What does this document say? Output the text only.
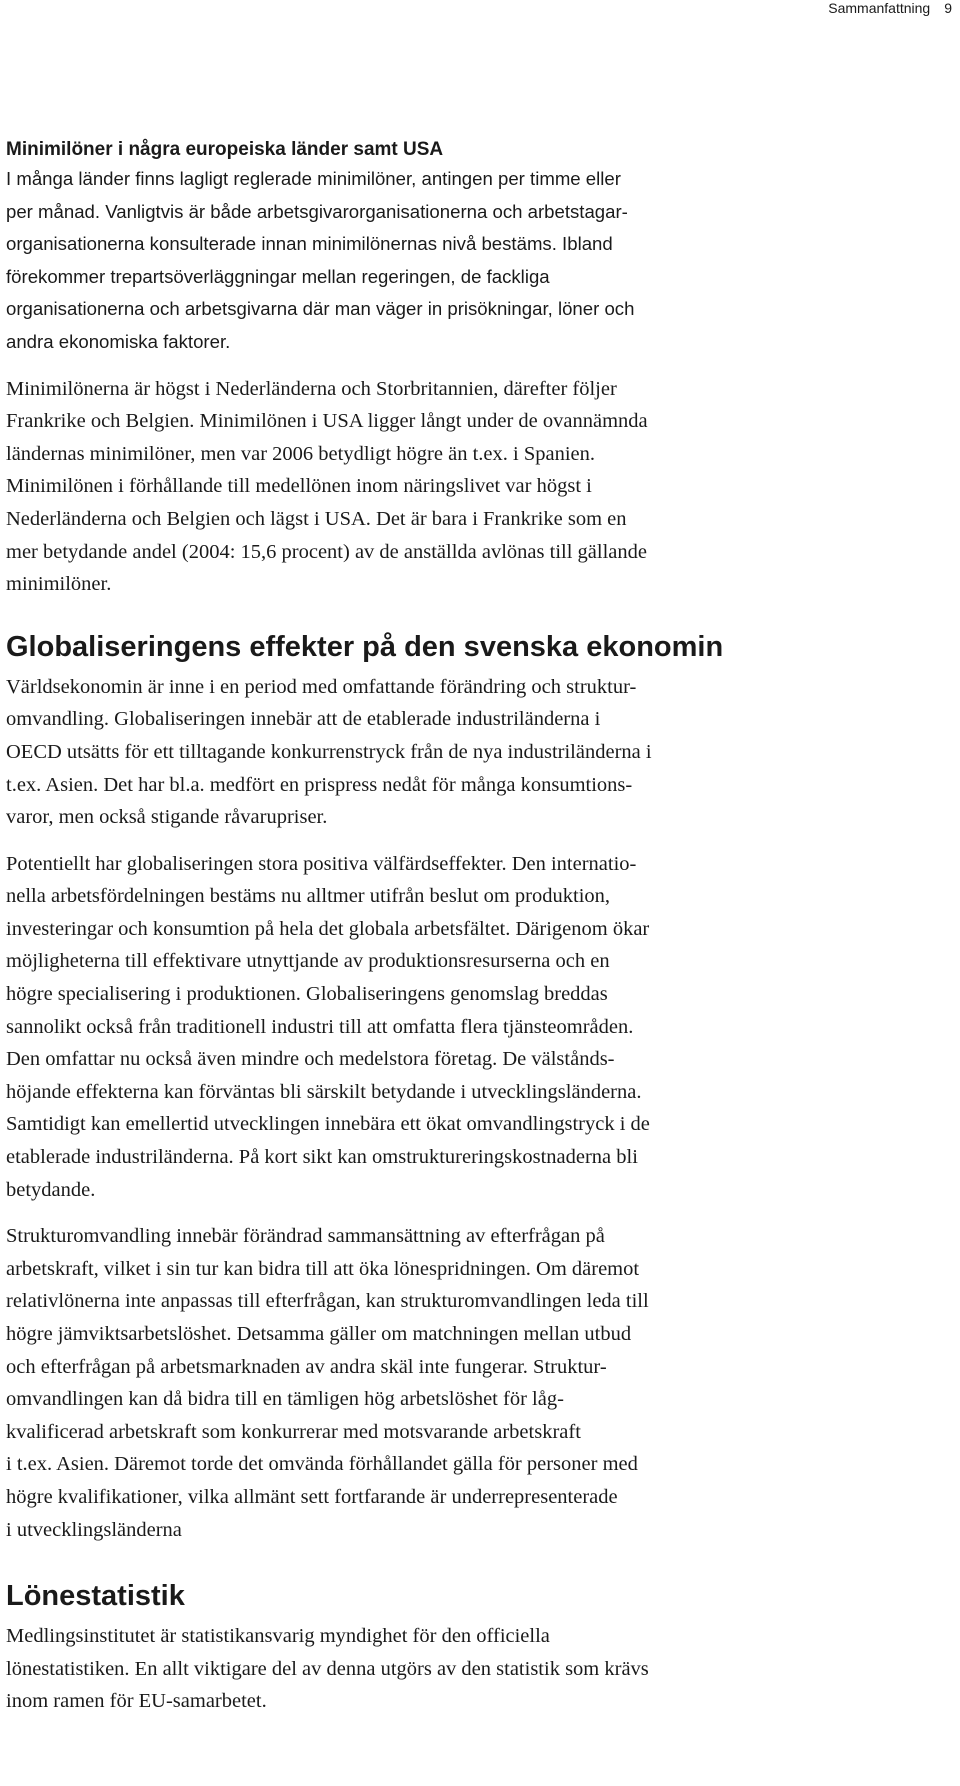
Sammanfattning 9
Minimilöner i några europeiska länder samt USA

I många länder finns lagligt reglerade minimilöner, antingen per timme eller
per månad. Vanligtvis är både arbetsgivarorganisationerna och arbetstagar-
organisationerna konsulterade innan minimilönernas nivå bestäms. Ibland
förekommer trepartsöverläggningar mellan regeringen, de fackliga
organisationerna och arbetsgivarna där man väger in prisökningar, löner och
andra ekonomiska faktorer.

Minimilönerna är högst i Nederländerna och Storbritannien, därefter följer
Frankrike och Belgien. Minimilönen i USA ligger långt under de ovannämnda
ländernas minimilöner, men var 2006 betydligt högre än t.ex. i Spanien.
Minimilönen i förhållande till medellönen inom näringslivet var högst i
Nederländerna och Belgien och lägst i USA. Det är bara i Frankrike som en
mer betydande andel (2004: 15,6 procent) av de anställda avlönas till gällande
minimilöner.

Globaliseringens effekter på den svenska ekonomin

Världsekonomin är inne i en period med omfattande förändring och struktur-
omvandling. Globaliseringen innebär att de etablerade industriländerna i
OECD utsätts för ett tilltagande konkurrenstryck från de nya industriländerna i
t.ex. Asien. Det har bl.a. medfört en prispress nedåt för många konsumtions-
varor, men också stigande råvarupriser.

Potentiellt har globaliseringen stora positiva välfärdseffekter. Den internatio-
nella arbetsfördelningen bestäms nu alltmer utifrån beslut om produktion,
investeringar och konsumtion på hela det globala arbetsfältet. Därigenom ökar
möjligheterna till effektivare utnyttjande av produktionsresurserna och en
högre specialisering i produktionen. Globaliseringens genomslag breddas
sannolikt också från traditionell industri till att omfatta flera tjänsteområden.
Den omfattar nu också även mindre och medelstora företag. De välstånds-
höjande effekterna kan förväntas bli särskilt betydande i utvecklingsländerna.
Samtidigt kan emellertid utvecklingen innebära ett ökat omvandlingstryck i de
etablerade industriländerna. På kort sikt kan omstruktureringskostnaderna bli
betydande.

Strukturomvandling innebär förändrad sammansättning av efterfrågan på
arbetskraft, vilket i sin tur kan bidra till att öka lönespridningen. Om däremot
relativlönerna inte anpassas till efterfrågan, kan strukturomvandlingen leda till
högre jämviktsarbetslöshet. Detsamma gäller om matchningen mellan utbud
och efterfrågan på arbetsmarknaden av andra skäl inte fungerar. Struktur-
omvandlingen kan då bidra till en tämligen hög arbetslöshet för låg-
kvalificerad arbetskraft som konkurrerar med motsvarande arbetskraft
i t.ex. Asien. Däremot torde det omvända förhållandet gälla för personer med
högre kvalifikationer, vilka allmänt sett fortfarande är underrepresenterade
i utvecklingsländerna

Lönestatistik

Medlingsinstitutet är statistikansvarig myndighet för den officiella
lönestatistiken. En allt viktigare del av denna utgörs av den statistik som krävs
inom ramen för EU-samarbetet.
